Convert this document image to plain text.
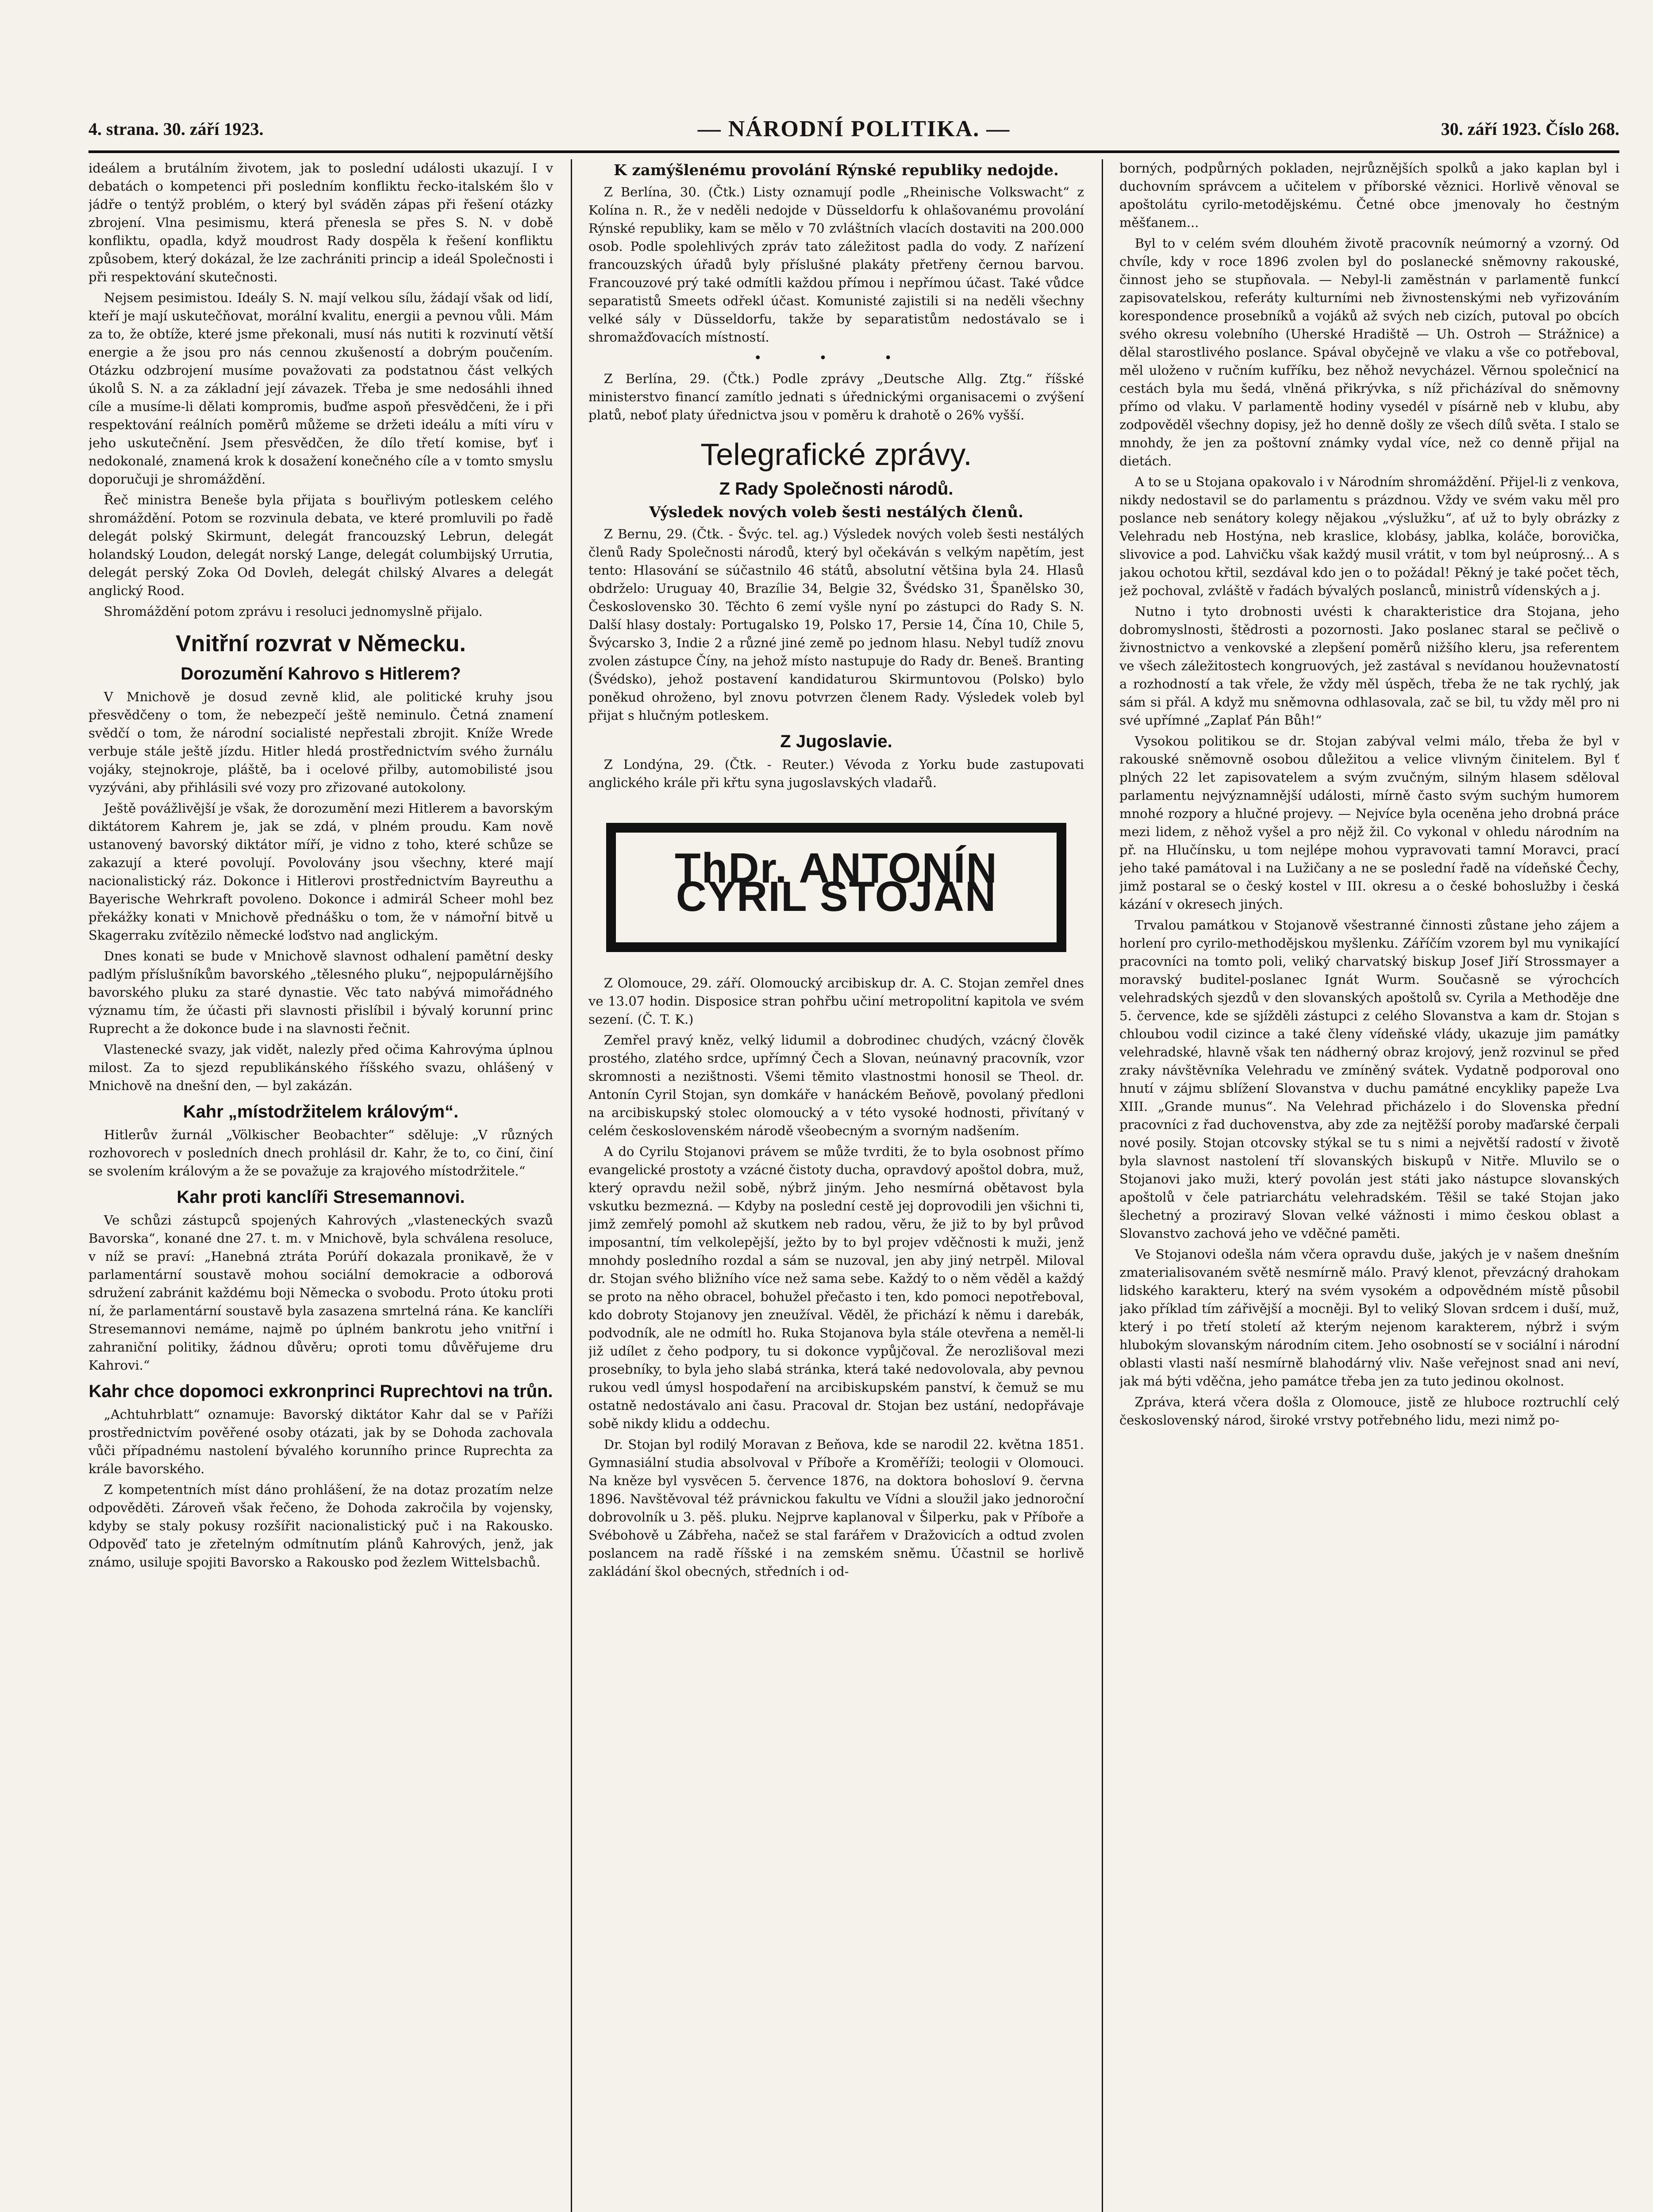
4. strana. 30. září 1923.	— NÁRODNÍ POLITIKA. —	30. září 1923. Číslo 268.

ideálem a brutálním životem, jak to poslední události ukazují. I v debatách o kompetenci při posledním konfliktu řecko-italském šlo v jádře o tentýž problém, o který byl sváděn zápas při řešení otázky zbrojení. Vlna pesimismu, která přenesla se přes S. N. v době konfliktu, opadla, když moudrost Rady dospěla k řešení konfliktu způsobem, který dokázal, že lze zachrániti princip a ideál Společnosti i při respektování skutečnosti.

Nejsem pesimistou. Ideály S. N. mají velkou sílu, žádají však od lidí, kteří je mají uskutečňovat, morální kvalitu, energii a pevnou vůli. Mám za to, že obtíže, které jsme překonali, musí nás nutiti k rozvinutí větší energie a že jsou pro nás cennou zkušeností a dobrým poučením. Otázku odzbrojení musíme považovati za podstatnou část velkých úkolů S. N. a za základní její závazek. Třeba je sme nedosáhli ihned cíle a musíme-li dělati kompromis, buďme aspoň přesvědčeni, že i při respektování reálních poměrů můžeme se držeti ideálu a míti víru v jeho uskutečnění. Jsem přesvědčen, že dílo třetí komise, byť i nedokonalé, znamená krok k dosažení konečného cíle a v tomto smyslu doporučuji je shromáždění.

Řeč ministra Beneše byla přijata s bouřlivým potleskem celého shromáždění. Potom se rozvinula debata, ve které promluvili po řadě delegát polský Skirmunt, delegát francouzský Lebrun, delegát holandský Loudon, delegát norský Lange, delegát columbijský Urrutia, delegát perský Zoka Od Dovleh, delegát chilský Alvares a delegát anglický Rood.

Shromáždění potom zprávu i resoluci jednomyslně přijalo.

Vnitřní rozvrat v Německu.
Dorozumění Kahrovo s Hitlerem?

V Mnichově je dosud zevně klid, ale politické kruhy jsou přesvědčeny o tom, že nebezpečí ještě neminulo. Četná znamení svědčí o tom, že národní socialisté nepřestali zbrojit. Kníže Wrede verbuje stále ještě jízdu. Hitler hledá prostřednictvím svého žurnálu vojáky, stejnokroje, pláště, ba i ocelové přilby, automobilisté jsou vyzýváni, aby přihlásili své vozy pro zřizované autokolony.

Ještě povážlivější je však, že dorozumění mezi Hitlerem a bavorským diktátorem Kahrem je, jak se zdá, v plném proudu. Kam nově ustanovený bavorský diktátor míří, je vidno z toho, které schůze se zakazují a které povolují. Povolovány jsou všechny, které mají nacionalistický ráz. Dokonce i Hitlerovi prostřednictvím Bayreuthu a Bayerische Wehrkraft povoleno. Dokonce i admirál Scheer mohl bez překážky konati v Mnichově přednášku o tom, že v námořní bitvě u Skagerraku zvítězilo německé loďstvo nad anglickým.

Dnes konati se bude v Mnichově slavnost odhalení pamětní desky padlým příslušníkům bavorského „tělesného pluku“, nejpopulárnějšího bavorského pluku za staré dynastie. Věc tato nabývá mimořádného významu tím, že účasti při slavnosti přislíbil i bývalý korunní princ Ruprecht a že dokonce bude i na slavnosti řečnit.

Vlastenecké svazy, jak vidět, nalezly před očima Kahrovýma úplnou milost. Za to sjezd republikánského říšského svazu, ohlášený v Mnichově na dnešní den, — byl zakázán.

Kahr „místodržitelem královým“.

Hitlerův žurnál „Völkischer Beobachter“ sděluje: „V různých rozhovorech v posledních dnech prohlásil dr. Kahr, že to, co činí, činí se svolením královým a že se považuje za krajového místodržitele.“

Kahr proti kanclíři Stresemannovi.

Ve schůzi zástupců spojených Kahrových „vlasteneckých svazů Bavorska“, konané dne 27. t. m. v Mnichově, byla schválena resoluce, v níž se praví: „Hanebná ztráta Porúří dokazala pronikavě, že v parlamentární soustavě mohou sociální demokracie a odborová sdružení zabránit každému boji Německa o svobodu. Proto útoku proti ní, že parlamentární soustavě byla zasazena smrtelná rána. Ke kanclíři Stresemannovi nemáme, najmě po úplném bankrotu jeho vnitřní i zahraniční politiky, žádnou důvěru; oproti tomu důvěřujeme dru Kahrovi.“

Kahr chce dopomoci exkronprinci Ruprechtovi na trůn.

„Achtuhrblatt“ oznamuje: Bavorský diktátor Kahr dal se v Paříži prostřednictvím pověřené osoby otázati, jak by se Dohoda zachovala vůči případnému nastolení bývalého korunního prince Ruprechta za krále bavorského.

Z kompetentních míst dáno prohlášení, že na dotaz prozatím nelze odpověděti. Zároveň však řečeno, že Dohoda zakročila by vojensky, kdyby se staly pokusy rozšířit nacionalistický puč i na Rakousko. Odpověď tato je zřetelným odmítnutím plánů Kahrových, jenž, jak známo, usiluje spojiti Bavorsko a Rakousko pod žezlem Wittelsbachů.

K zamýšlenému provolání Rýnské republiky nedojde.

Z Berlína, 30. (Čtk.) Listy oznamují podle „Rheinische Volkswacht“ z Kolína n. R., že v neděli nedojde v Düsseldorfu k ohlašovanému provolání Rýnské republiky, kam se mělo v 70 zvláštních vlacích dostaviti na 200.000 osob. Podle spolehlivých zpráv tato záležitost padla do vody. Z nařízení francouzských úřadů byly příslušné plakáty přetřeny černou barvou. Francouzové prý také odmítli každou přímou i nepřímou účast. Také vůdce separatistů Smeets odřekl účast. Komunisté zajistili si na neděli všechny velké sály v Düsseldorfu, takže by separatistům nedostávalo se i shromažďovacích místností.

• • •

Z Berlína, 29. (Čtk.) Podle zprávy „Deutsche Allg. Ztg.“ říšské ministerstvo financí zamítlo jednati s úřednickými organisacemi o zvýšení platů, neboť platy úřednictva jsou v poměru k drahotě o 26% vyšší.

Telegrafické zprávy.
Z Rady Společnosti národů.
Výsledek nových voleb šesti nestálých členů.

Z Bernu, 29. (Čtk. - Švýc. tel. ag.) Výsledek nových voleb šesti nestálých členů Rady Společnosti národů, který byl očekáván s velkým napětím, jest tento: Hlasování se súčastnilo 46 států, absolutní většina byla 24. Hlasů obdrželo: Uruguay 40, Brazílie 34, Belgie 32, Švédsko 31, Španělsko 30, Československo 30. Těchto 6 zemí vyšle nyní po zástupci do Rady S. N. Další hlasy dostaly: Portugalsko 19, Polsko 17, Persie 14, Čína 10, Chile 5, Švýcarsko 3, Indie 2 a různé jiné země po jednom hlasu. Nebyl tudíž znovu zvolen zástupce Číny, na jehož místo nastupuje do Rady dr. Beneš. Branting (Švédsko), jehož postavení kandidaturou Skirmuntovou (Polsko) bylo poněkud ohroženo, byl znovu potvrzen členem Rady. Výsledek voleb byl přijat s hlučným potleskem.

Z Jugoslavie.

Z Londýna, 29. (Čtk. - Reuter.) Vévoda z Yorku bude zastupovati anglického krále při křtu syna jugoslavských vladařů.

ThDr. ANTONÍN CYRIL STOJAN

Z Olomouce, 29. září. Olomoucký arcibiskup dr. A. C. Stojan zemřel dnes ve 13.07 hodin. Disposice stran pohřbu učiní metropolitní kapitola ve svém sezení. (Č. T. K.)

Zemřel pravý kněz, velký lidumil a dobrodinec chudých, vzácný člověk prostého, zlatého srdce, upřímný Čech a Slovan, neúnavný pracovník, vzor skromnosti a nezištnosti. Všemi těmito vlastnostmi honosil se Theol. dr. Antonín Cyril Stojan, syn domkáře v hanáckém Beňově, povolaný předloni na arcibiskupský stolec olomoucký a v této vysoké hodnosti, přivítaný v celém československém národě všeobecným a svorným nadšením.

A do Cyrilu Stojanovi právem se může tvrditi, že to byla osobnost přímo evangelické prostoty a vzácné čistoty ducha, opravdový apoštol dobra, muž, který opravdu nežil sobě, nýbrž jiným. Jeho nesmírná obětavost byla vskutku bezmezná. — Kdyby na poslední cestě jej doprovodili jen všichni ti, jimž zemřelý pomohl až skutkem neb radou, věru, že již to by byl průvod imposantní, tím velkolepější, ježto by to byl projev vděčnosti k muži, jenž mnohdy posledního rozdal a sám se nuzoval, jen aby jiný netrpěl. Miloval dr. Stojan svého bližního více než sama sebe. Každý to o něm věděl a každý se proto na něho obracel, bohužel přečasto i ten, kdo pomoci nepotřeboval, kdo dobroty Stojanovy jen zneužíval. Věděl, že přichází k němu i darebák, podvodník, ale ne odmítl ho. Ruka Stojanova byla stále otevřena a neměl-li již udílet z čeho podpory, tu si dokonce vypůjčoval. Že nerozlišoval mezi prosebníky, to byla jeho slabá stránka, která také nedovolovala, aby pevnou rukou vedl úmysl hospodaření na arcibiskupském panství, k čemuž se mu ostatně nedostávalo ani času. Pracoval dr. Stojan bez ustání, nedopřávaje sobě nikdy klidu a oddechu.

Dr. Stojan byl rodilý Moravan z Beňova, kde se narodil 22. května 1851. Gymnasiální studia absolvoval v Příboře a Kroměříži; teologii v Olomouci. Na kněze byl vysvěcen 5. července 1876, na doktora bohosloví 9. června 1896. Navštěvoval též právnickou fakultu ve Vídni a sloužil jako jednoroční dobrovolník u 3. pěš. pluku. Nejprve kaplanoval v Šilperku, pak v Příboře a Svébohově u Zábřeha, načež se stal farářem v Dražovicích a odtud zvolen poslancem na radě říšské i na zemském sněmu. Účastnil se horlivě zakládání škol obecných, středních i od-

borných, podpůrných pokladen, nejrůznějších spolků a jako kaplan byl i duchovním správcem a učitelem v příborské věznici. Horlivě věnoval se apoštolátu cyrilo-metodějskému. Četné obce jmenovaly ho čestným měšťanem...

Byl to v celém svém dlouhém životě pracovník neúmorný a vzorný. Od chvíle, kdy v roce 1896 zvolen byl do poslanecké sněmovny rakouské, činnost jeho se stupňovala. — Nebyl-li zaměstnán v parlamentě funkcí zapisovatelskou, referáty kulturními neb živnostenskými neb vyřizováním korespondence prosebníků a vojáků až svých neb cizích, putoval po obcích svého okresu volebního (Uherské Hradiště — Uh. Ostroh — Strážnice) a dělal starostlivého poslance. Spával obyčejně ve vlaku a vše co potřeboval, měl uloženo v ručním kufříku, bez něhož nevycházel. Věrnou společnicí na cestách byla mu šedá, vlněná přikrývka, s níž přicházíval do sněmovny přímo od vlaku. V parlamentě hodiny vysedél v písárně neb v klubu, aby zodpověděl všechny dopisy, jež ho denně došly ze všech dílů světa. I stalo se mnohdy, že jen za poštovní známky vydal více, než co denně přijal na dietách.

A to se u Stojana opakovalo i v Národním shromáždění. Přijel-li z venkova, nikdy nedostavil se do parlamentu s prázdnou. Vždy ve svém vaku měl pro poslance neb senátory kolegy nějakou „výslužku“, ať už to byly obrázky z Velehradu neb Hostýna, neb kraslice, klobásy, jablka, koláče, borovička, slivovice a pod. Lahvičku však každý musil vrátit, v tom byl neúprosný... A s jakou ochotou křtil, sezdával kdo jen o to požádal! Pěkný je také počet těch, jež pochoval, zvláště v řadách bývalých poslanců, ministrů vídenských a j.

Nutno i tyto drobnosti uvésti k charakteristice dra Stojana, jeho dobromyslnosti, štědrosti a pozornosti. Jako poslanec staral se pečlivě o živnostnictvo a venkovské a zlepšení poměrů nižšího kleru, jsa referentem ve všech záležitostech kongruových, jež zastával s nevídanou houževnatostí a rozhodností a tak vřele, že vždy měl úspěch, třeba že ne tak rychlý, jak sám si přál. A když mu sněmovna odhlasovala, zač se bil, tu vždy měl pro ni své upřímné „Zaplať Pán Bůh!“

Vysokou politikou se dr. Stojan zabýval velmi málo, třeba že byl v rakouské sněmovně osobou důležitou a velice vlivným činitelem. Byl ť plných 22 let zapisovatelem a svým zvučným, silným hlasem sděloval parlamentu nejvýznamnější události, mírně často svým suchým humorem mnohé rozpory a hlučné projevy. — Nejvíce byla oceněna jeho drobná práce mezi lidem, z něhož vyšel a pro nějž žil. Co vykonal v ohledu národním na př. na Hlučínsku, u tom nejlépe mohou vypravovati tamní Moravci, prací jeho také památoval i na Lužičany a ne se poslední řadě na vídeňské Čechy, jimž postaral se o český kostel v III. okresu a o české bohoslužby i česká kázání v okresech jiných.

Trvalou památkou v Stojanově všestranné činnosti zůstane jeho zájem a horlení pro cyrilo-methodějskou myšlenku. Záříčím vzorem byl mu vynikající pracovníci na tomto poli, veliký charvatský biskup Josef Jiří Strossmayer a moravský buditel-poslanec Ignát Wurm. Současně se výrochcích velehradských sjezdů v den slovanských apoštolů sv. Cyrila a Methoděje dne 5. července, kde se sjížděli zástupci z celého Slovanstva a kam dr. Stojan s chloubou vodil cizince a také členy vídeňské vlády, ukazuje jim památky velehradské, hlavně však ten nádherný obraz krojový, jenž rozvinul se před zraky návštěvníka Velehradu ve zmíněný svátek. Vydatně podporoval ono hnutí v zájmu sblížení Slovanstva v duchu památné encykliky papeže Lva XIII. „Grande munus“. Na Velehrad přicházelo i do Slovenska přední pracovníci z řad duchovenstva, aby zde za nejtěžší poroby maďarské čerpali nové posily. Stojan otcovsky stýkal se tu s nimi a největší radostí v životě byla slavnost nastolení tří slovanských biskupů v Nitře. Mluvilo se o Stojanovi jako muži, který povolán jest státi jako nástupce slovanských apoštolů v čele patriarchátu velehradském. Těšil se také Stojan jako šlechetný a proziravý Slovan velké vážnosti i mimo českou oblast a Slovanstvo zachová jeho ve vděčné paměti.

Ve Stojanovi odešla nám včera opravdu duše, jakých je v našem dnešním zmaterialisovaném světě nesmírně málo. Pravý klenot, převzácný drahokam lidského karakteru, který na svém vysokém a odpovědném místě působil jako příklad tím zářivější a mocněji. Byl to veliký Slovan srdcem i duší, muž, který i po třetí století až kterým nejenom karakterem, nýbrž i svým hlubokým slovanským národním citem. Jeho osobností se v sociální i národní oblasti vlasti naší nesmírně blahodárný vliv. Naše veřejnost snad ani neví, jak má býti vděčna, jeho památce třeba jen za tuto jedinou okolnost.

Zpráva, která včera došla z Olomouce, jistě ze hluboce roztruchlí celý československý národ, široké vrstvy potřebného lidu, mezi nimž po-
